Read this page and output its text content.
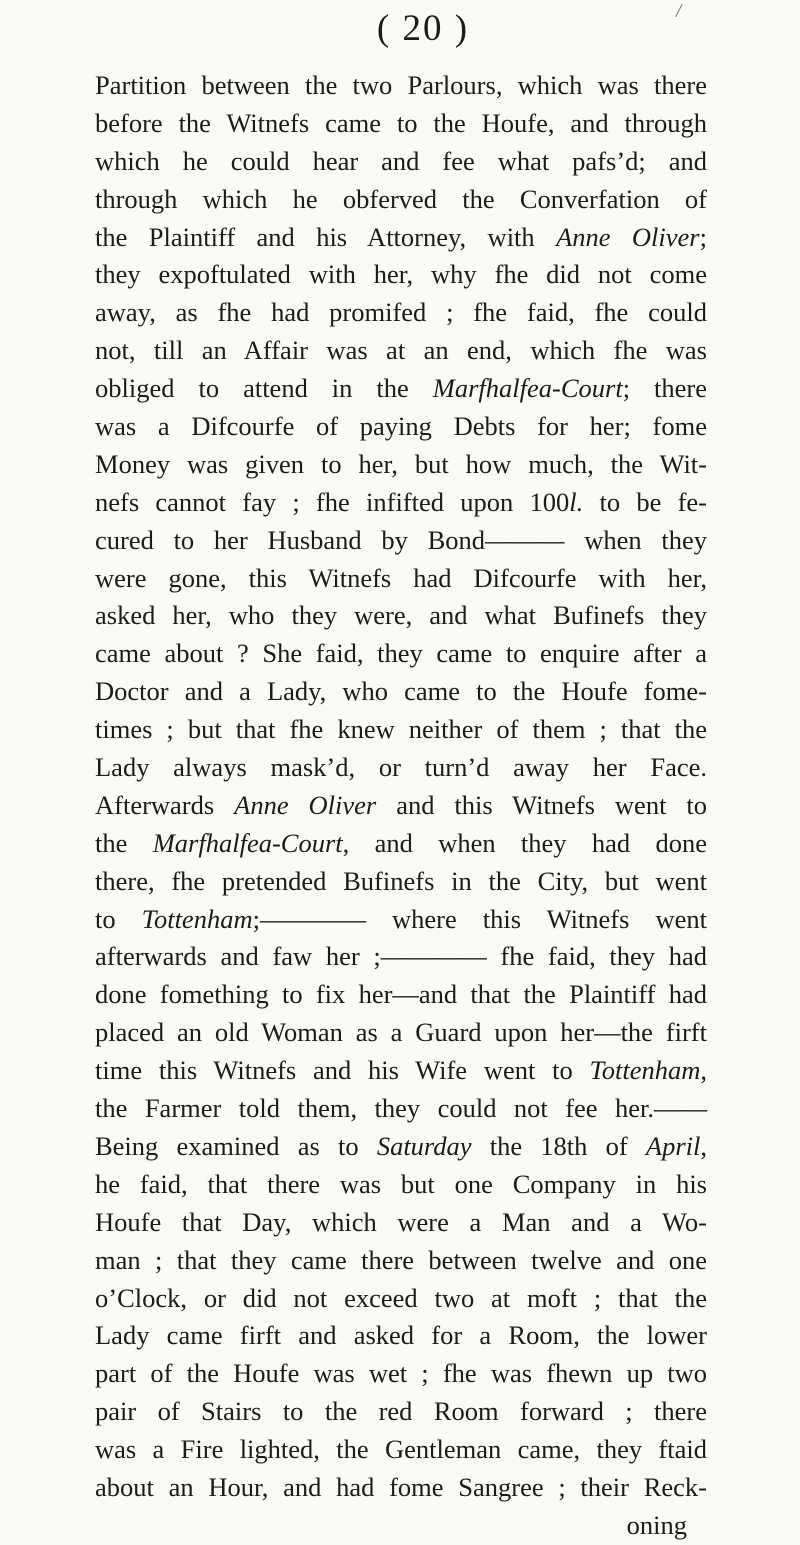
/
( 20 )
Partition between the two Parlours, which was there
before the Witnefs came to the Houfe, and through
which he could hear and fee what pafs’d; and
through which he obferved the Converfation of
the Plaintiff and his Attorney, with Anne Oliver;
they expoftulated with her, why fhe did not come
away, as fhe had promifed ; fhe faid, fhe could
not, till an Affair was at an end, which fhe was
obliged to attend in the Marfhalfea-Court; there
was a Difcourfe of paying Debts for her; fome
Money was given to her, but how much, the Wit-
nefs cannot fay ; fhe infifted upon 100l. to be fe-
cured to her Husband by Bond——— when they
were gone, this Witnefs had Difcourfe with her,
asked her, who they were, and what Bufinefs they
came about ? She faid, they came to enquire after a
Doctor and a Lady, who came to the Houfe fome-
times ; but that fhe knew neither of them ; that the
Lady always mask’d, or turn’d away her Face.
Afterwards Anne Oliver and this Witnefs went to
the Marfhalfea-Court, and when they had done
there, fhe pretended Bufinefs in the City, but went
to Tottenham;———— where this Witnefs went
afterwards and faw her ;———— fhe faid, they had
done fomething to fix her—and that the Plaintiff had
placed an old Woman as a Guard upon her—the firft
time this Witnefs and his Wife went to Tottenham,
the Farmer told them, they could not fee her.——
Being examined as to Saturday the 18th of April,
he faid, that there was but one Company in his
Houfe that Day, which were a Man and a Wo-
man ; that they came there between twelve and one
o’Clock, or did not exceed two at moft ; that the
Lady came firft and asked for a Room, the lower
part of the Houfe was wet ; fhe was fhewn up two
pair of Stairs to the red Room forward ; there
was a Fire lighted, the Gentleman came, they ftaid
about an Hour, and had fome Sangree ; their Reck-
oning
